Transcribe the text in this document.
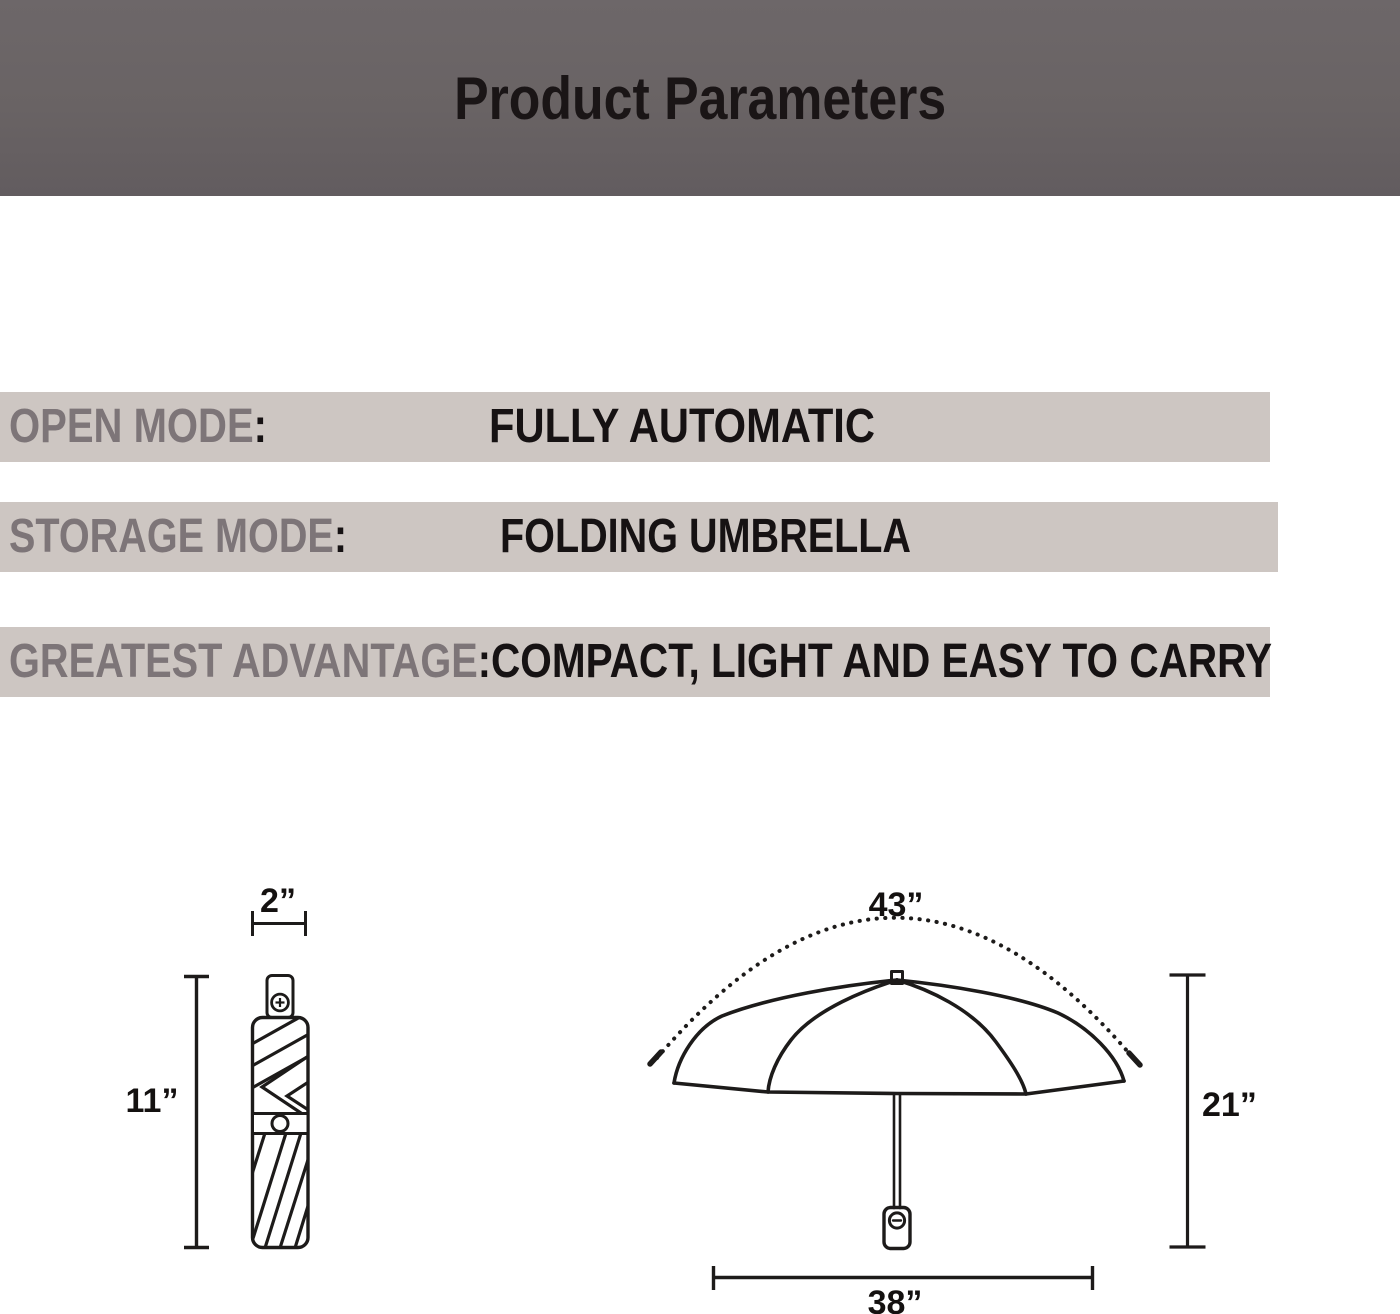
Product Parameters
OPEN MODE:	FULLY AUTOMATIC
STORAGE MODE:	FOLDING UMBRELLA
GREATEST ADVANTAGE: COMPACT, LIGHT AND EASY TO CARRY
2”
11”
43”
21”
38”
